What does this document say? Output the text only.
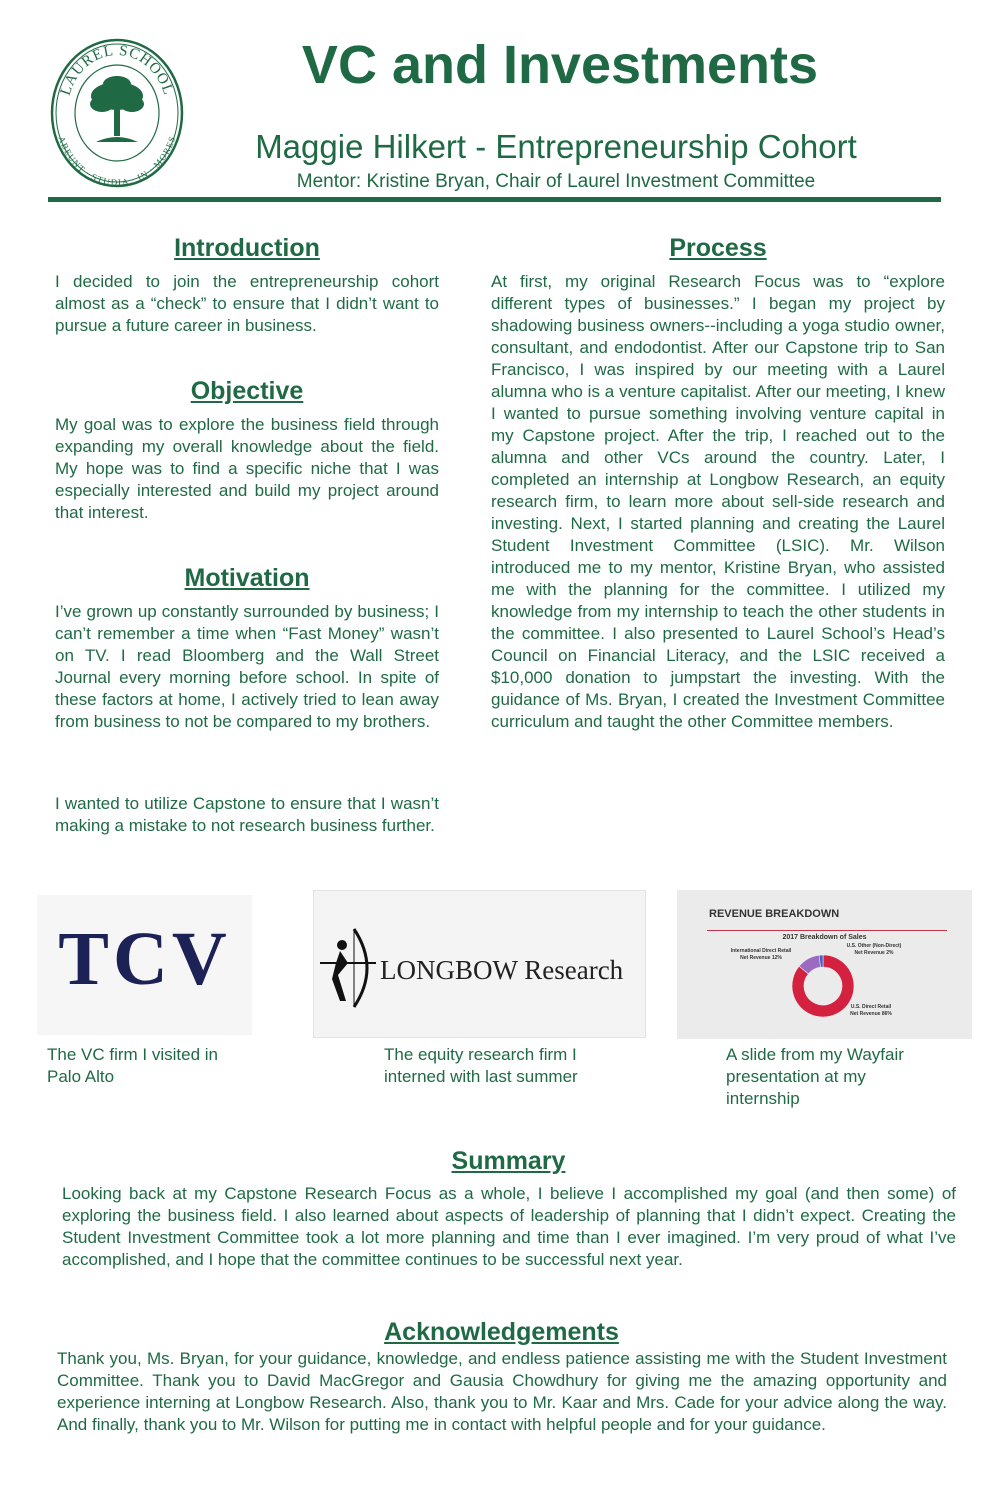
LAUREL SCHOOL
ABEUNT · STUDIA · IN · MORES
VC and Investments
Maggie Hilkert - Entrepreneurship Cohort
Mentor: Kristine Bryan, Chair of Laurel Investment Committee
Introduction

I decided to join the entrepreneurship cohort almost as a “check” to ensure that I didn’t want to pursue a future career in business.

Objective

My goal was to explore the business field through expanding my overall knowledge about the field. My hope was to find a specific niche that I was especially interested and build my project around that interest.

Motivation

I’ve grown up constantly surrounded by business; I can’t remember a time when “Fast Money” wasn’t on TV. I read Bloomberg and the Wall Street Journal every morning before school. In spite of these factors at home, I actively tried to lean away from business to not be compared to my brothers.

I wanted to utilize Capstone to ensure that I wasn’t making a mistake to not research business further.

Process

At first, my original Research Focus was to “explore different types of businesses.” I began my project by shadowing business owners--including a yoga studio owner, consultant, and endodontist. After our Capstone trip to San Francisco, I was inspired by our meeting with a Laurel alumna who is a venture capitalist. After our meeting, I knew I wanted to pursue something involving venture capital in my Capstone project. After the trip, I reached out to the alumna and other VCs around the country. Later, I completed an internship at Longbow Research, an equity research firm, to learn more about sell-side research and investing. Next, I started planning and creating the Laurel Student Investment Committee (LSIC). Mr. Wilson introduced me to my mentor, Kristine Bryan, who assisted me with the planning for the committee. I utilized my knowledge from my internship to teach the other students in the committee. I also presented to Laurel School’s Head’s Council on Financial Literacy, and the LSIC received a $10,000 donation to jumpstart the investing. With the guidance of Ms. Bryan, I created the Investment Committee curriculum and taught the other Committee members.

TCV
The VC firm I visited in Palo Alto
LONGBOW Research
The equity research firm I interned with last summer
REVENUE BREAKDOWN
2017 Breakdown of Sales
International Direct Retail Net Revenue 12%
U.S. Other (Non-Direct) Net Revenue 2%
U.S. Direct Retail Net Revenue 86%
A slide from my Wayfair presentation at my internship
Summary

Looking back at my Capstone Research Focus as a whole, I believe I accomplished my goal (and then some) of exploring the business field. I also learned about aspects of leadership of planning that I didn’t expect. Creating the Student Investment Committee took a lot more planning and time than I ever imagined. I’m very proud of what I’ve accomplished, and I hope that the committee continues to be successful next year.

Acknowledgements

Thank you, Ms. Bryan, for your guidance, knowledge, and endless patience assisting me with the Student Investment Committee. Thank you to David MacGregor and Gausia Chowdhury for giving me the amazing opportunity and experience interning at Longbow Research. Also, thank you to Mr. Kaar and Mrs. Cade for your advice along the way. And finally, thank you to Mr. Wilson for putting me in contact with helpful people and for your guidance.
